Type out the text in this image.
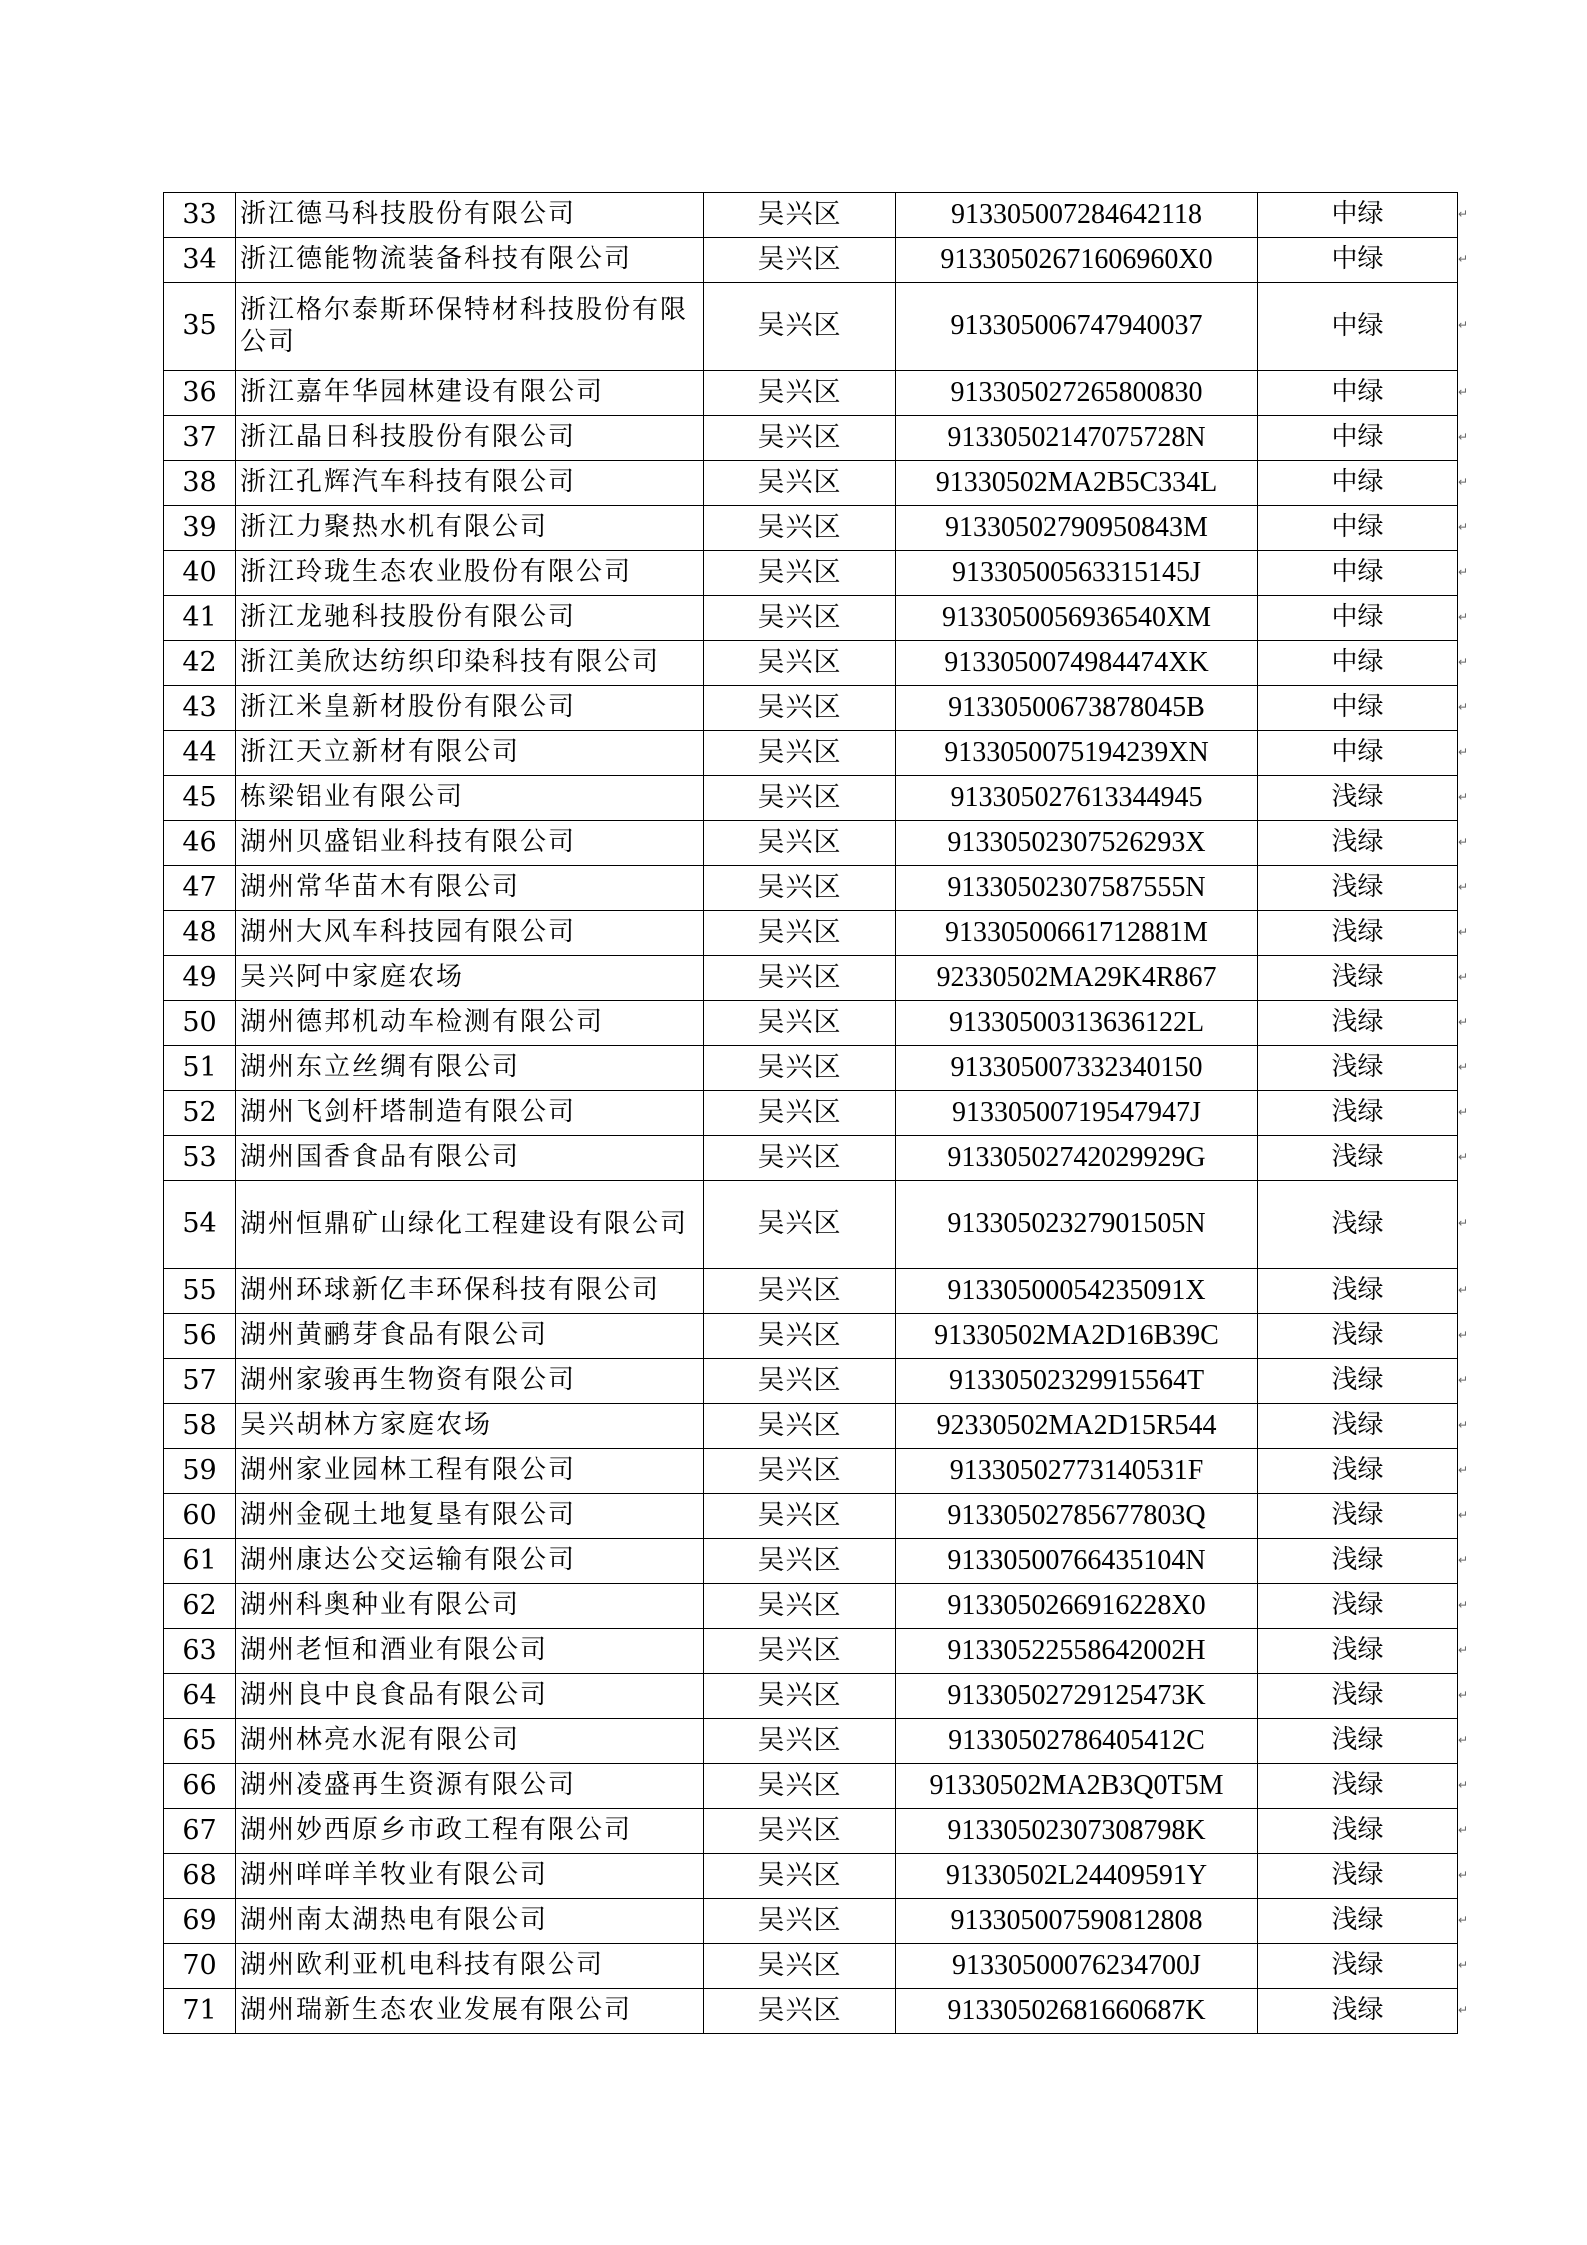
33	浙江德马科技股份有限公司	吴兴区	913305007284642118	中绿
34	浙江德能物流装备科技有限公司	吴兴区	91330502671606960X0	中绿
35	浙江格尔泰斯环保特材科技股份有限公司	吴兴区	913305006747940037	中绿
36	浙江嘉年华园林建设有限公司	吴兴区	913305027265800830	中绿
37	浙江晶日科技股份有限公司	吴兴区	91330502147075728N	中绿
38	浙江孔辉汽车科技有限公司	吴兴区	91330502MA2B5C334L	中绿
39	浙江力聚热水机有限公司	吴兴区	91330502790950843M	中绿
40	浙江玲珑生态农业股份有限公司	吴兴区	91330500563315145J	中绿
41	浙江龙驰科技股份有限公司	吴兴区	9133050056936540XM	中绿
42	浙江美欣达纺织印染科技有限公司	吴兴区	9133050074984474XK	中绿
43	浙江米皇新材股份有限公司	吴兴区	91330500673878045B	中绿
44	浙江天立新材有限公司	吴兴区	9133050075194239XN	中绿
45	栋梁铝业有限公司	吴兴区	913305027613344945	浅绿
46	湖州贝盛铝业科技有限公司	吴兴区	91330502307526293X	浅绿
47	湖州常华苗木有限公司	吴兴区	91330502307587555N	浅绿
48	湖州大风车科技园有限公司	吴兴区	91330500661712881M	浅绿
49	吴兴阿中家庭农场	吴兴区	92330502MA29K4R867	浅绿
50	湖州德邦机动车检测有限公司	吴兴区	91330500313636122L	浅绿
51	湖州东立丝绸有限公司	吴兴区	913305007332340150	浅绿
52	湖州飞剑杆塔制造有限公司	吴兴区	91330500719547947J	浅绿
53	湖州国香食品有限公司	吴兴区	91330502742029929G	浅绿
54	湖州恒鼎矿山绿化工程建设有限公司	吴兴区	91330502327901505N	浅绿
55	湖州环球新亿丰环保科技有限公司	吴兴区	91330500054235091X	浅绿
56	湖州黄鹂芽食品有限公司	吴兴区	91330502MA2D16B39C	浅绿
57	湖州家骏再生物资有限公司	吴兴区	91330502329915564T	浅绿
58	吴兴胡林方家庭农场	吴兴区	92330502MA2D15R544	浅绿
59	湖州家业园林工程有限公司	吴兴区	91330502773140531F	浅绿
60	湖州金砚土地复垦有限公司	吴兴区	91330502785677803Q	浅绿
61	湖州康达公交运输有限公司	吴兴区	91330500766435104N	浅绿
62	湖州科奥种业有限公司	吴兴区	9133050266916228X0	浅绿
63	湖州老恒和酒业有限公司	吴兴区	91330522558642002H	浅绿
64	湖州良中良食品有限公司	吴兴区	91330502729125473K	浅绿
65	湖州林亮水泥有限公司	吴兴区	91330502786405412C	浅绿
66	湖州凌盛再生资源有限公司	吴兴区	91330502MA2B3Q0T5M	浅绿
67	湖州妙西原乡市政工程有限公司	吴兴区	91330502307308798K	浅绿
68	湖州咩咩羊牧业有限公司	吴兴区	91330502L24409591Y	浅绿
69	湖州南太湖热电有限公司	吴兴区	913305007590812808	浅绿
70	湖州欧利亚机电科技有限公司	吴兴区	91330500076234700J	浅绿
71	湖州瑞新生态农业发展有限公司	吴兴区	91330502681660687K	浅绿
↵
↵
↵
↵
↵
↵
↵
↵
↵
↵
↵
↵
↵
↵
↵
↵
↵
↵
↵
↵
↵
↵
↵
↵
↵
↵
↵
↵
↵
↵
↵
↵
↵
↵
↵
↵
↵
↵
↵
